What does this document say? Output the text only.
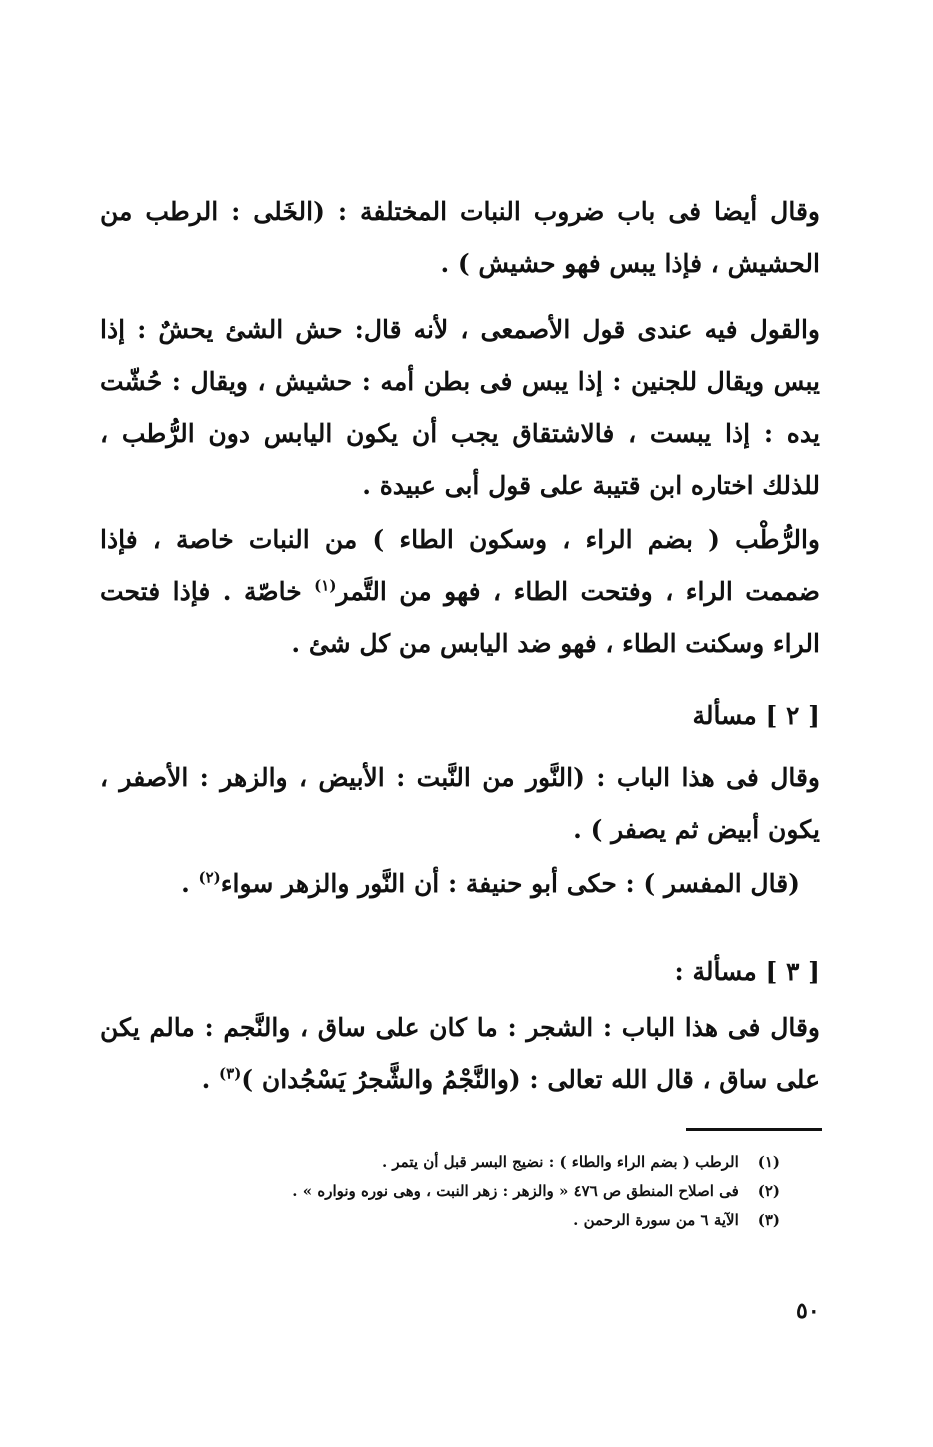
وقال أيضا فى باب ضروب النبات المختلفة : (الخَلى : الرطب من الحشيش ، فإذا يبس فهو حشيش ) .
والقول فيه عندى قول الأصمعى ، لأنه قال: حش الشئ يحشٌ : إذا يبس ويقال للجنين : إذا يبس فى بطن أمه : حشيش ، ويقال : حُشّت يده : إذا يبست ، فالاشتقاق يجب أن يكون اليابس دون الرُّطب ، للذلك اختاره ابن قتيبة على قول أبى عبيدة .
والرُّطْب ( بضم الراء ، وسكون الطاء ) من النبات خاصة ، فإذا ضممت الراء ، وفتحت الطاء ، فهو من التَّمر$^{(١)}$ خاصّة . فإذا فتحت الراء وسكنت الطاء ، فهو ضد اليابس من كل شئ .
[ ٢ ] مسألة
وقال فى هذا الباب : (النَّور من النَّبت : الأبيض ، والزهر : الأصفر ، يكون أبيض ثم يصفر ) .
(قال المفسر ) : حكى أبو حنيفة : أن النَّور والزهر سواء$^{(٢)}$ .
[ ٣ ] مسألة :
وقال فى هذا الباب : الشجر : ما كان على ساق ، والنَّجم : مالم يكن على ساق ، قال الله تعالى : (والنَّجْمُ والشَّجرُ يَسْجُدان )$^{(٣)}$ .
(١) الرطب ( بضم الراء والطاء ) : نضيج البسر قبل أن يتمر .
(٢) فى اصلاح المنطق ص ٤٧٦ « والزهر : زهر النبت ، وهى نوره ونواره » .
(٣) الآية ٦ من سورة الرحمن .
٥٠
